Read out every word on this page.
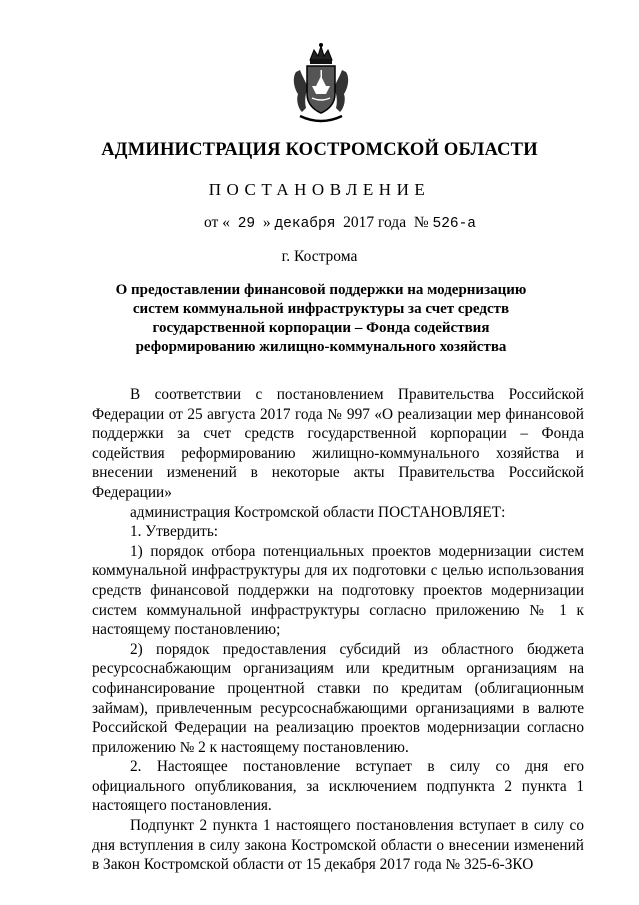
АДМИНИСТРАЦИЯ КОСТРОМСКОЙ ОБЛАСТИ
ПОСТАНОВЛЕНИЕ
от « 29 » декабря 2017 года № 526-а
г. Кострома
О предоставлении финансовой поддержки на модернизацию систем коммунальной инфраструктуры за счет средств государственной корпорации – Фонда содействия реформированию жилищно-коммунального хозяйства

В соответствии с постановлением Правительства Российской Федерации от 25 августа 2017 года № 997 «О реализации мер финансовой поддержки за счет средств государственной корпорации – Фонда содействия реформированию жилищно-коммунального хозяйства и внесении изменений в некоторые акты Правительства Российской Федерации»

администрация Костромской области ПОСТАНОВЛЯЕТ:

1. Утвердить:

1) порядок отбора потенциальных проектов модернизации систем коммунальной инфраструктуры для их подготовки с целью использования средств финансовой поддержки на подготовку проектов модернизации систем коммунальной инфраструктуры согласно приложению № 1 к настоящему постановлению;

2) порядок предоставления субсидий из областного бюджета ресурсоснабжающим организациям или кредитным организациям на софинансирование процентной ставки по кредитам (облигационным займам), привлеченным ресурсоснабжающими организациями в валюте Российской Федерации на реализацию проектов модернизации согласно приложению № 2 к настоящему постановлению.

2. Настоящее постановление вступает в силу со дня его официального опубликования, за исключением подпункта 2 пункта 1 настоящего постановления.

Подпункт 2 пункта 1 настоящего постановления вступает в силу со дня вступления в силу закона Костромской области о внесении изменений в Закон Костромской области от 15 декабря 2017 года № 325-6-ЗКО
